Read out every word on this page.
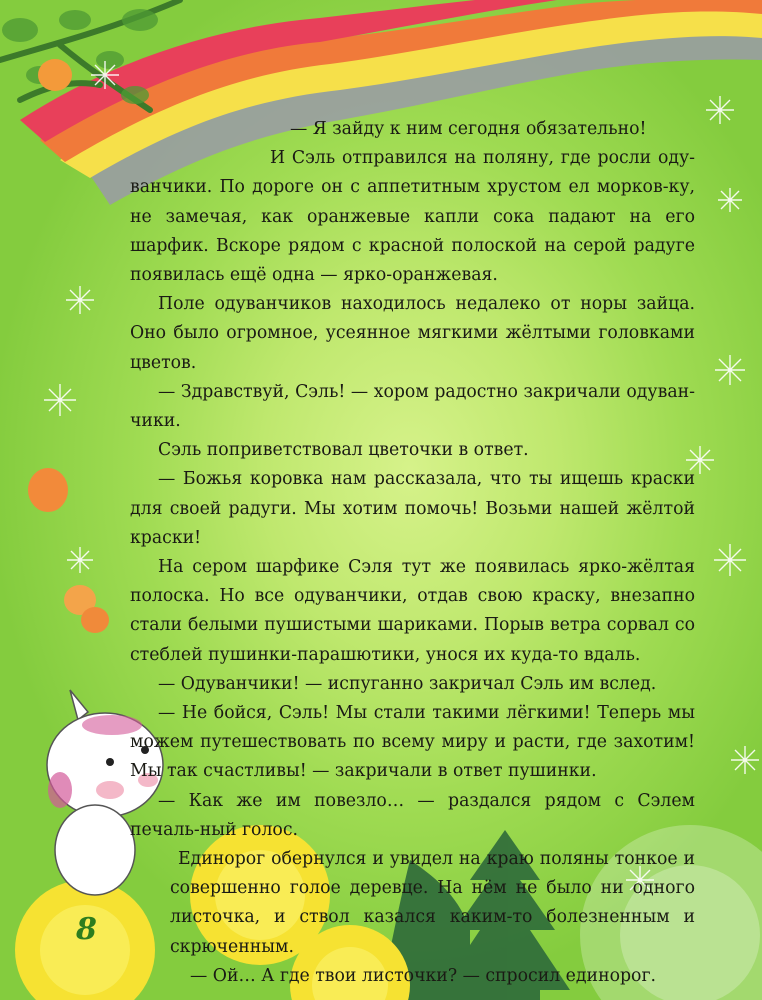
— Я зайду к ним сегодня обязательно!

И Сэль отправился на поляну, где росли оду-ванчики. По дороге он с аппетитным хрустом ел морков-ку, не замечая, как оранжевые капли сока падают на его шарфик. Вскоре рядом с красной полоской на серой радуге появилась ещё одна — ярко-оранжевая.

Поле одуванчиков находилось недалеко от норы зайца. Оно было огромное, усеянное мягкими жёлтыми головками цветов.

— Здравствуй, Сэль! — хором радостно закричали одуван-чики.

Сэль поприветствовал цветочки в ответ.

— Божья коровка нам рассказала, что ты ищешь краски для своей радуги. Мы хотим помочь! Возьми нашей жёлтой краски!

На сером шарфике Сэля тут же появилась ярко-жёлтая полоска. Но все одуванчики, отдав свою краску, внезапно стали белыми пушистыми шариками. Порыв ветра сорвал со стеблей пушинки-парашютики, унося их куда-то вдаль.

— Одуванчики! — испуганно закричал Сэль им вслед.

— Не бойся, Сэль! Мы стали такими лёгкими! Теперь мы можем путешествовать по всему миру и расти, где захотим! Мы так счастливы! — закричали в ответ пушинки.

— Как же им повезло… — раздался рядом с Сэлем печаль-ный голос.

Единорог обернулся и увидел на краю поляны тонкое и совершенно голое деревце. На нём не было ни одного листочка, и ствол казался каким-то болезненным и скрюченным.

— Ой… А где твои листочки? — спросил единорог.

8
